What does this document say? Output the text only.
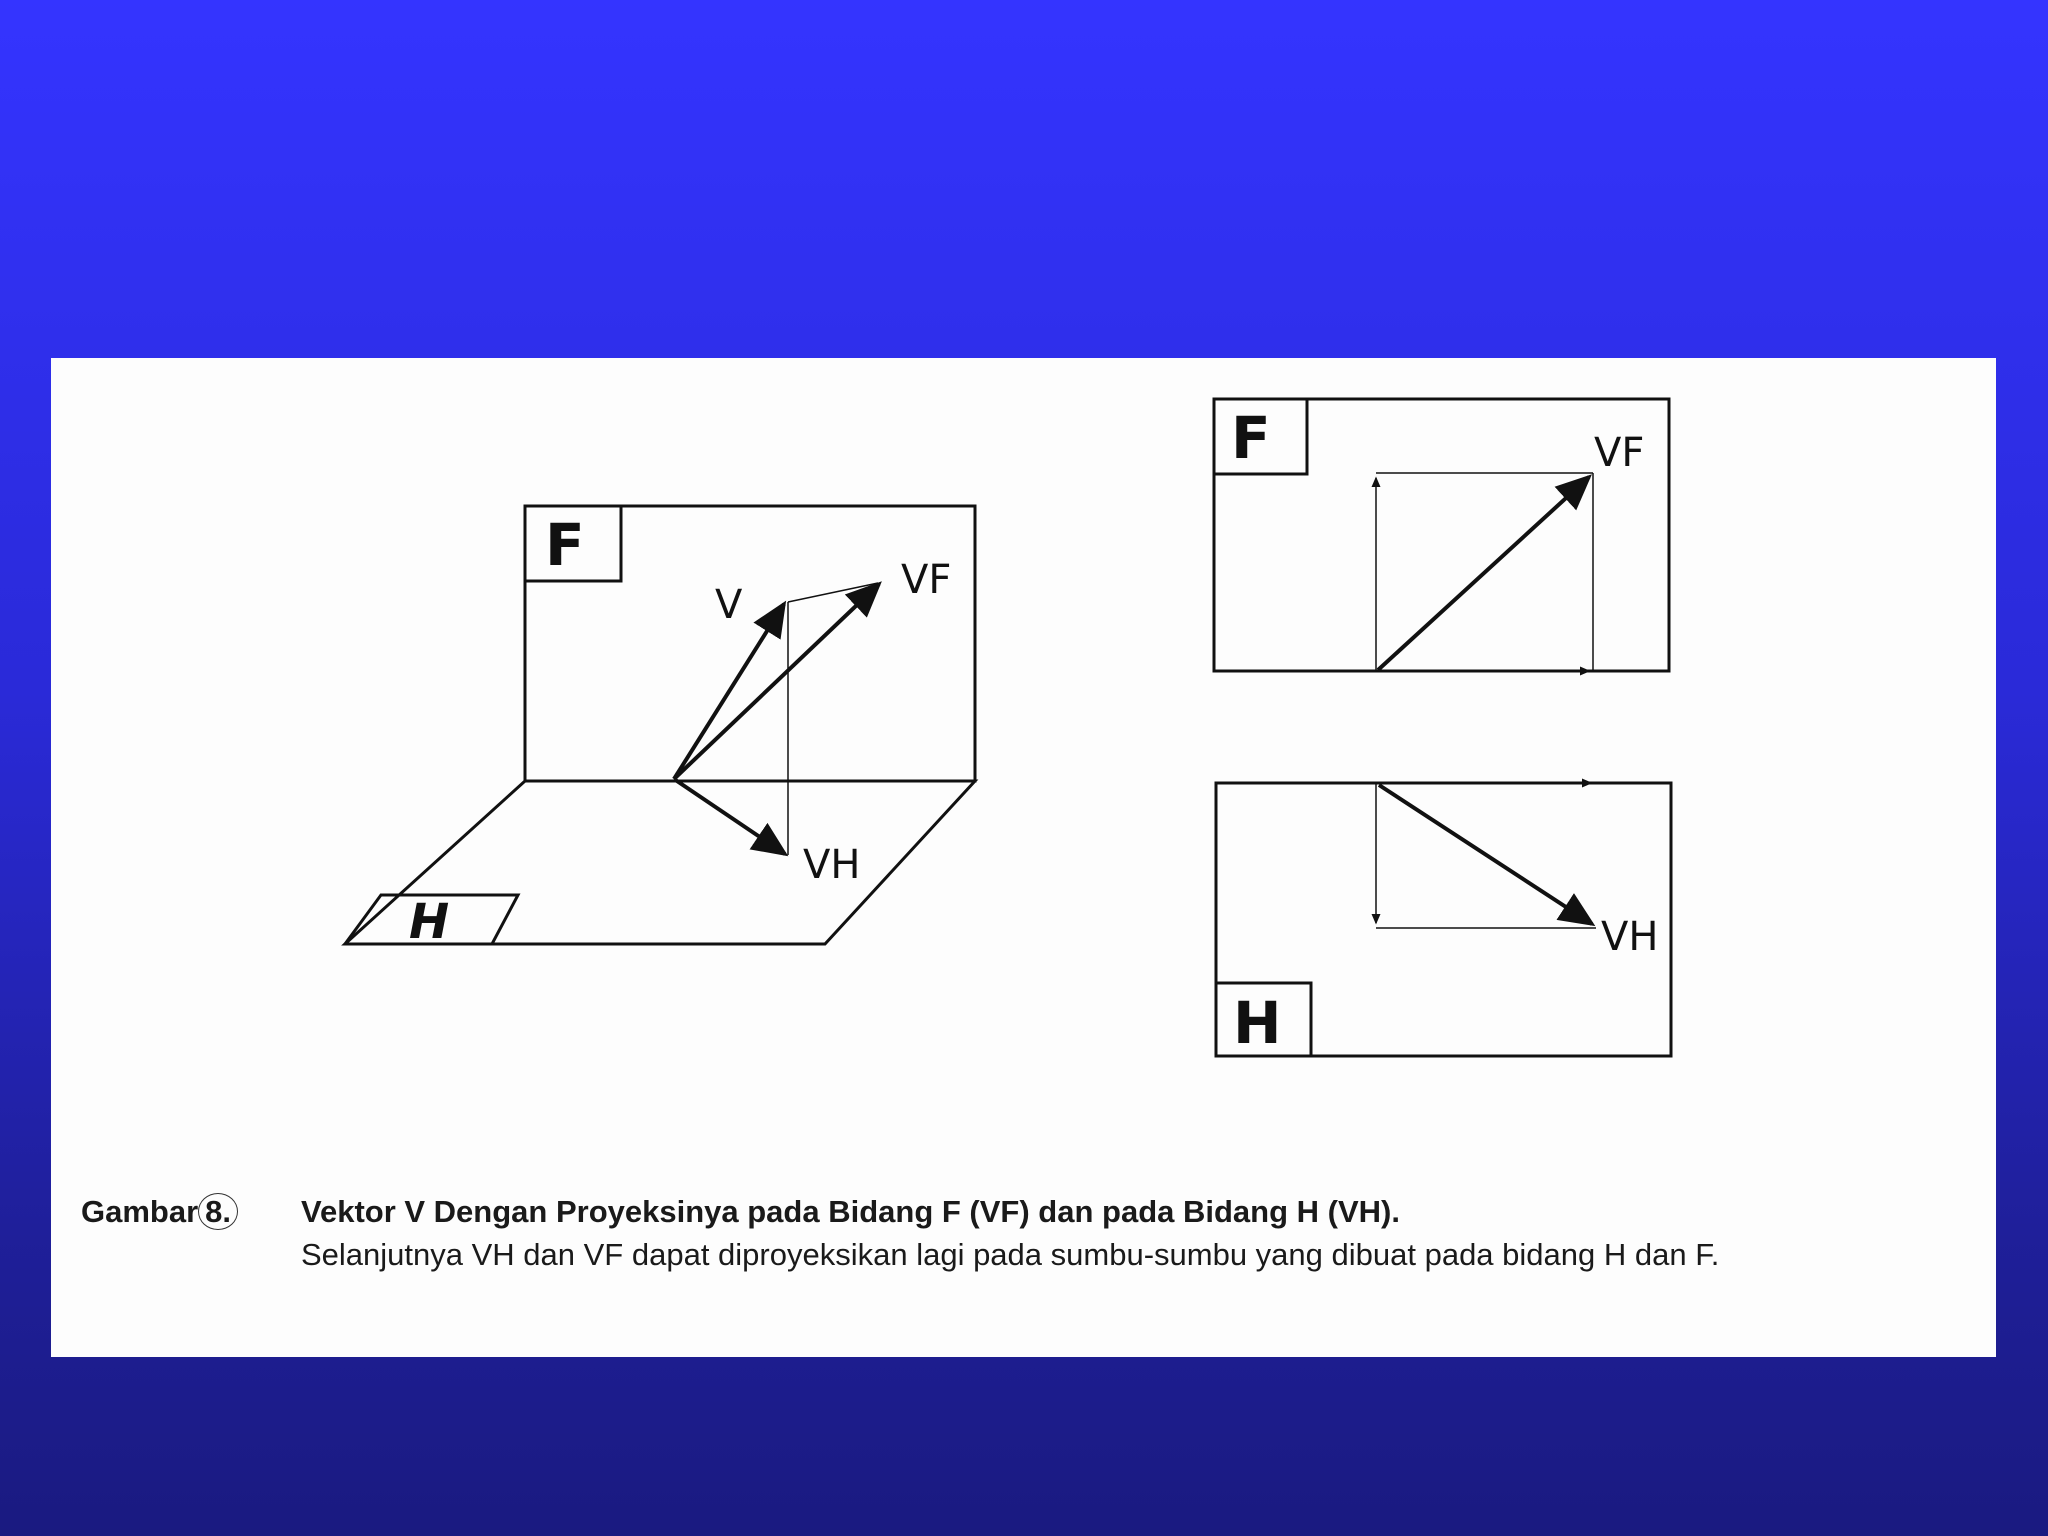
F
H
V
VF
VH
F	VF
H
VH
Gambar 8.	Vektor V Dengan Proyeksinya pada Bidang F (VF) dan pada Bidang H (VH).
Selanjutnya VH dan VF dapat diproyeksikan lagi pada sumbu-sumbu yang dibuat pada bidang H dan F.
